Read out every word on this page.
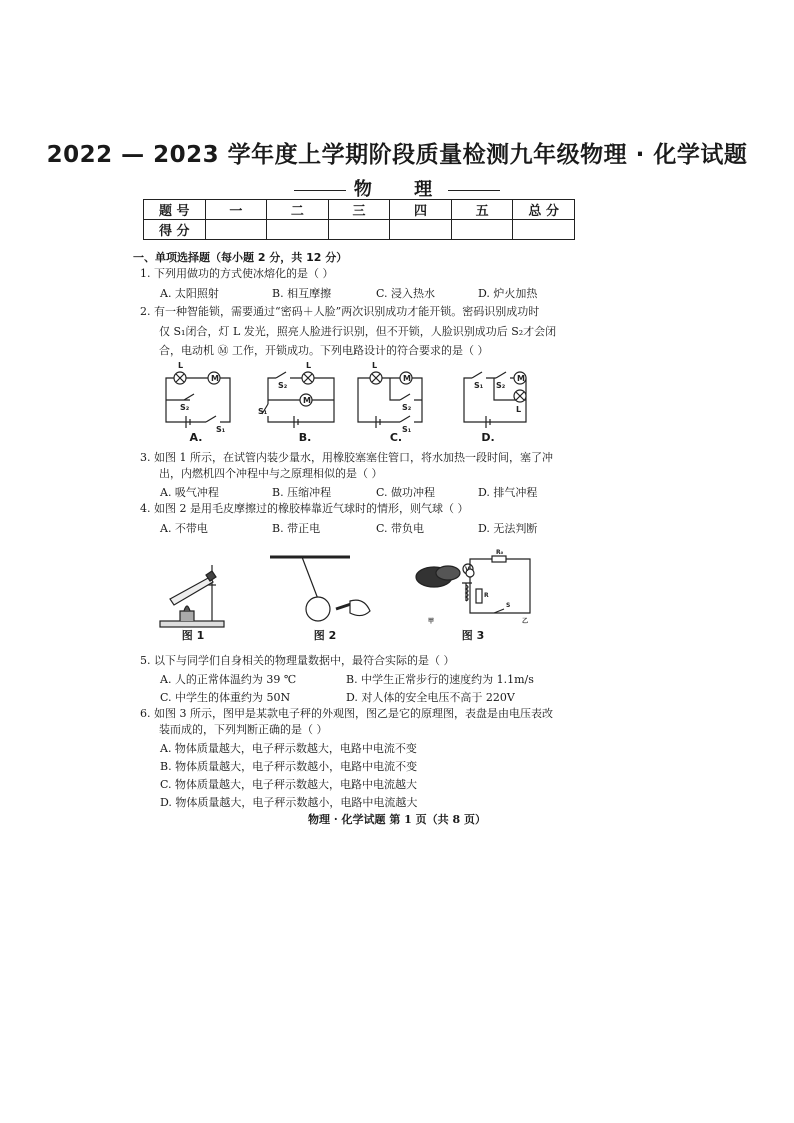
2022 — 2023 学年度上学期阶段质量检测九年级物理 · 化学试题
物 理
题 号	一	二	三	四	五	总 分
得 分						
一、单项选择题（每小题 2 分，共 12 分）
1. 下列用做功的方式使冰熔化的是（ ）
A. 太阳照射	B. 相互摩擦	C. 浸入热水	D. 炉火加热
2. 有一种智能锁，需要通过“密码＋人脸”两次识别成功才能开锁。密码识别成功时
仅 S₁闭合，灯 L 发光，照亮人脸进行识别，但不开锁，人脸识别成功后 S₂才会闭
合，电动机 Ⓜ 工作，开锁成功。下列电路设计的符合要求的是（ ）
L
M
S₂
S₁
L
M
S₂
S₁
L
M
S₂
S₁
S₁ S₂
M
L
A.	B.	C.	D.
3. 如图 1 所示，在试管内装少量水，用橡胶塞塞住管口，将水加热一段时间，塞了冲
出，内燃机四个冲程中与之原理相似的是（ ）
A. 吸气冲程	B. 压缩冲程	C. 做功冲程	D. 排气冲程
4. 如图 2 是用毛皮摩擦过的橡胶棒靠近气球时的情形，则气球（ ）
A. 不带电	B. 带正电	C. 带负电	D. 无法判断
V
R₀
R
S
甲	乙
图 1	图 2	图 3
5. 以下与同学们自身相关的物理量数据中，最符合实际的是（ ）
A. 人的正常体温约为 39 ℃	B. 中学生正常步行的速度约为 1.1m/s
C. 中学生的体重约为 50N	D. 对人体的安全电压不高于 220V
6. 如图 3 所示，图甲是某款电子秤的外观图，图乙是它的原理图，表盘是由电压表改
装而成的，下列判断正确的是（ ）
A. 物体质量越大，电子秤示数越大，电路中电流不变
B. 物体质量越大，电子秤示数越小，电路中电流不变
C. 物体质量越大，电子秤示数越大，电路中电流越大
D. 物体质量越大，电子秤示数越小，电路中电流越大
物理 · 化学试题 第 1 页（共 8 页）
